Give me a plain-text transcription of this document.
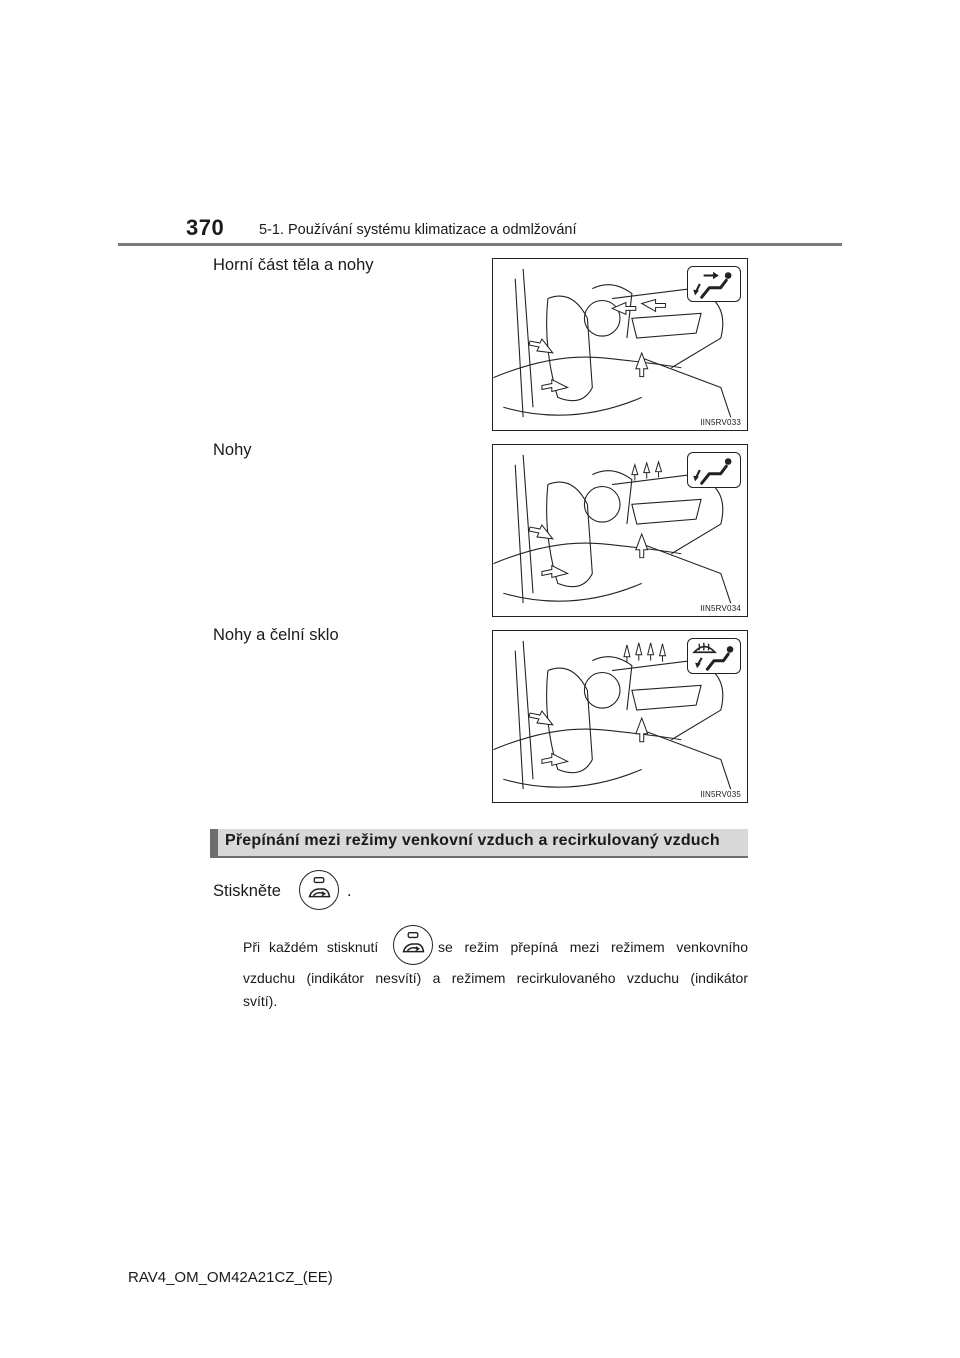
370 5-1. Používání systému klimatizace a odmlžování
Horní část těla a nohy
IIN5RV033
Nohy
IIN5RV034
Nohy a čelní sklo
IIN5RV035
Přepínání mezi režimy venkovní vzduch a recirkulovaný vzduch
Stiskněte	.
Při každém stisknutí	se režim přepíná mezi režimem venkovního
vzduchu (indikátor nesvítí) a režimem recirkulovaného vzduchu (indikátor
svítí).
RAV4_OM_OM42A21CZ_(EE)
